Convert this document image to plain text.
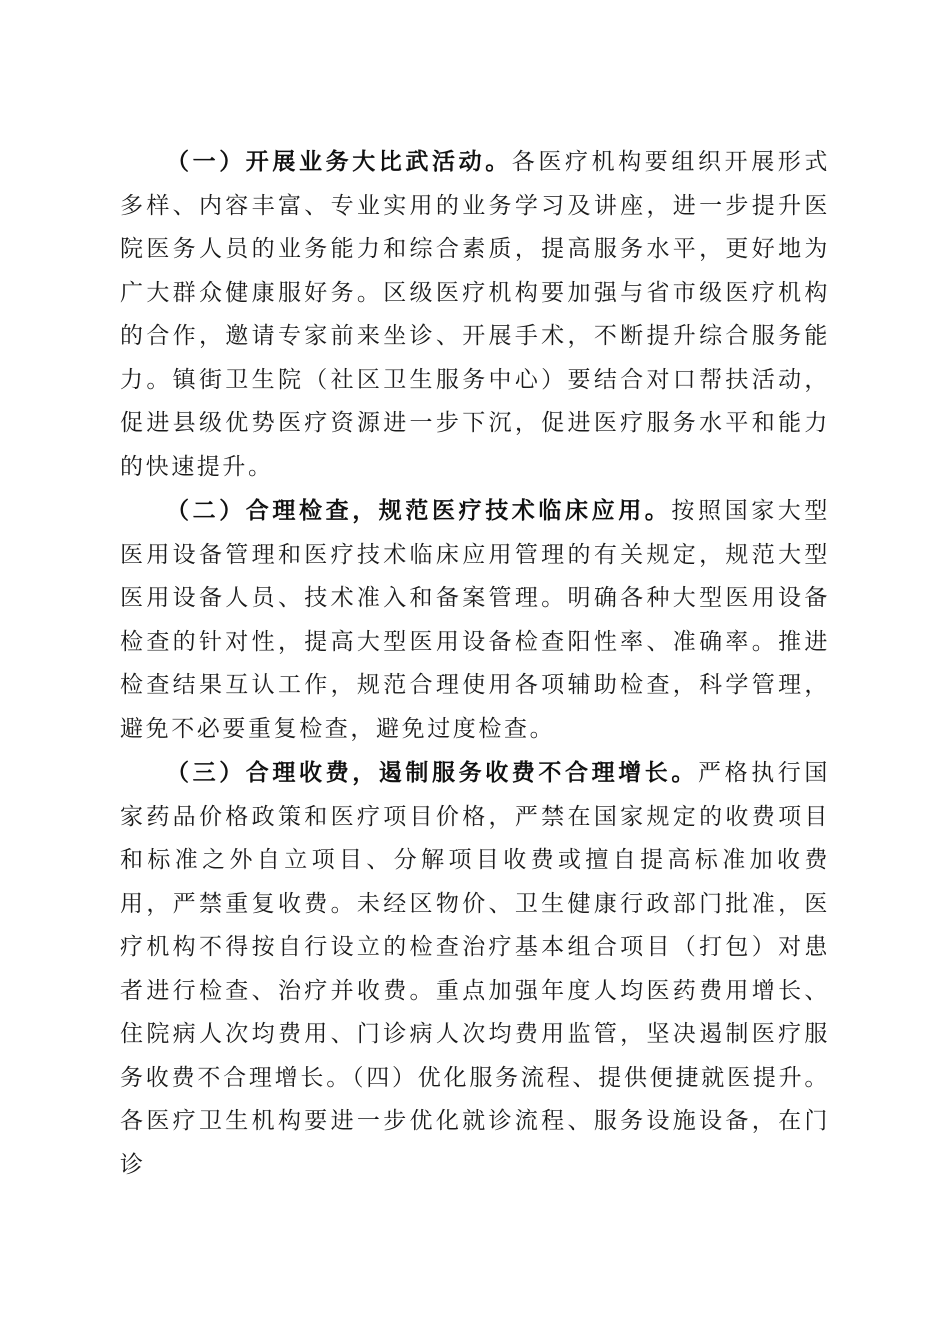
（一）开展业务大比武活动。各医疗机构要组织开展形式多样、内容丰富、专业实用的业务学习及讲座，进一步提升医院医务人员的业务能力和综合素质，提高服务水平，更好地为广大群众健康服好务。区级医疗机构要加强与省市级医疗机构的合作，邀请专家前来坐诊、开展手术，不断提升综合服务能力。镇街卫生院（社区卫生服务中心）要结合对口帮扶活动，促进县级优势医疗资源进一步下沉，促进医疗服务水平和能力的快速提升。

（二）合理检查，规范医疗技术临床应用。按照国家大型医用设备管理和医疗技术临床应用管理的有关规定，规范大型医用设备人员、技术准入和备案管理。明确各种大型医用设备检查的针对性，提高大型医用设备检查阳性率、准确率。推进检查结果互认工作，规范合理使用各项辅助检查，科学管理，避免不必要重复检查，避免过度检查。

（三）合理收费，遏制服务收费不合理增长。严格执行国家药品价格政策和医疗项目价格，严禁在国家规定的收费项目和标准之外自立项目、分解项目收费或擅自提高标准加收费用，严禁重复收费。未经区物价、卫生健康行政部门批准，医疗机构不得按自行设立的检查治疗基本组合项目（打包）对患者进行检查、治疗并收费。重点加强年度人均医药费用增长、住院病人次均费用、门诊病人次均费用监管，坚决遏制医疗服务收费不合理增长。（四）优化服务流程、提供便捷就医提升。各医疗卫生机构要进一步优化就诊流程、服务设施设备，在门诊
